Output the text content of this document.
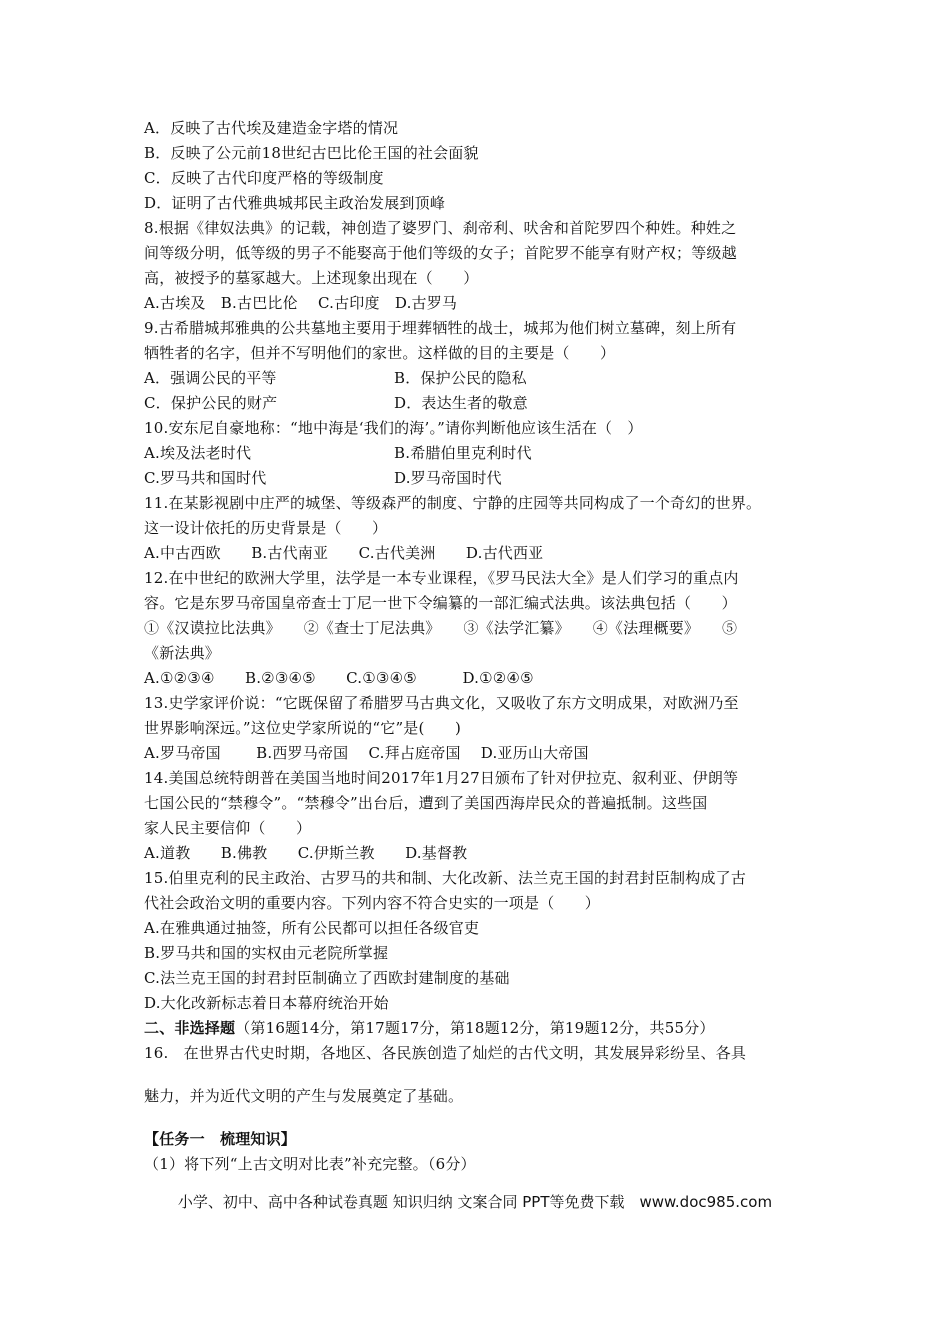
A．反映了古代埃及建造金字塔的情况
B．反映了公元前18世纪古巴比伦王国的社会面貌
C．反映了古代印度严格的等级制度
D．证明了古代雅典城邦民主政治发展到顶峰
8.根据《律奴法典》的记载，神创造了婆罗门、刹帝利、吠舍和首陀罗四个种姓。种姓之
间等级分明，低等级的男子不能娶高于他们等级的女子；首陀罗不能享有财产权；等级越
高，被授予的墓冢越大。上述现象出现在（　　）
A.古埃及　B.古巴比伦　 C.古印度　D.古罗马
9.古希腊城邦雅典的公共墓地主要用于埋葬牺牲的战士，城邦为他们树立墓碑，刻上所有
牺牲者的名字，但并不写明他们的家世。这样做的目的主要是（　　）
A．强调公民的平等	B．保护公民的隐私
C．保护公民的财产	D．表达生者的敬意
10.安东尼自豪地称：“地中海是‘我们的海’。”请你判断他应该生活在（　）
A.埃及法老时代	B.希腊伯里克利时代
C.罗马共和国时代	D.罗马帝国时代
11.在某影视剧中庄严的城堡、等级森严的制度、宁静的庄园等共同构成了一个奇幻的世界。
这一设计依托的历史背景是（　　）
A.中古西欧　　B.古代南亚　　C.古代美洲　　D.古代西亚
12.在中世纪的欧洲大学里，法学是一本专业课程，《罗马民法大全》是人们学习的重点内
容。它是东罗马帝国皇帝查士丁尼一世下令编纂的一部汇编式法典。该法典包括（　　）
①《汉谟拉比法典》　　②《查士丁尼法典》　　③《法学汇纂》　　④《法理概要》　　⑤
《新法典》
A.①②③④　　B.②③④⑤　　C.①③④⑤　　　D.①②④⑤
13.史学家评价说：“它既保留了希腊罗马古典文化，又吸收了东方文明成果，对欧洲乃至
世界影响深远。”这位史学家所说的“它”是(　　)
A.罗马帝国　　 B.西罗马帝国　 C.拜占庭帝国　 D.亚历山大帝国
14.美国总统特朗普在美国当地时间2017年1月27日颁布了针对伊拉克、叙利亚、伊朗等
七国公民的“禁穆令”。“禁穆令”出台后，遭到了美国西海岸民众的普遍抵制。这些国
家人民主要信仰（　　）
A.道教　　B.佛教　　C.伊斯兰教　　D.基督教
15.伯里克利的民主政治、古罗马的共和制、大化改新、法兰克王国的封君封臣制构成了古
代社会政治文明的重要内容。下列内容不符合史实的一项是（　　）
A.在雅典通过抽签，所有公民都可以担任各级官吏
B.罗马共和国的实权由元老院所掌握
C.法兰克王国的封君封臣制确立了西欧封建制度的基础
D.大化改新标志着日本幕府统治开始
二、非选择题（第16题14分，第17题17分，第18题12分，第19题12分，共55分）
16.　在世界古代史时期，各地区、各民族创造了灿烂的古代文明，其发展异彩纷呈、各具
魅力，并为近代文明的产生与发展奠定了基础。
【任务一　梳理知识】
（1）将下列“上古文明对比表”补充完整。（6分）
小学、初中、高中各种试卷真题 知识归纳 文案合同 PPT等免费下载　www.doc985.com
